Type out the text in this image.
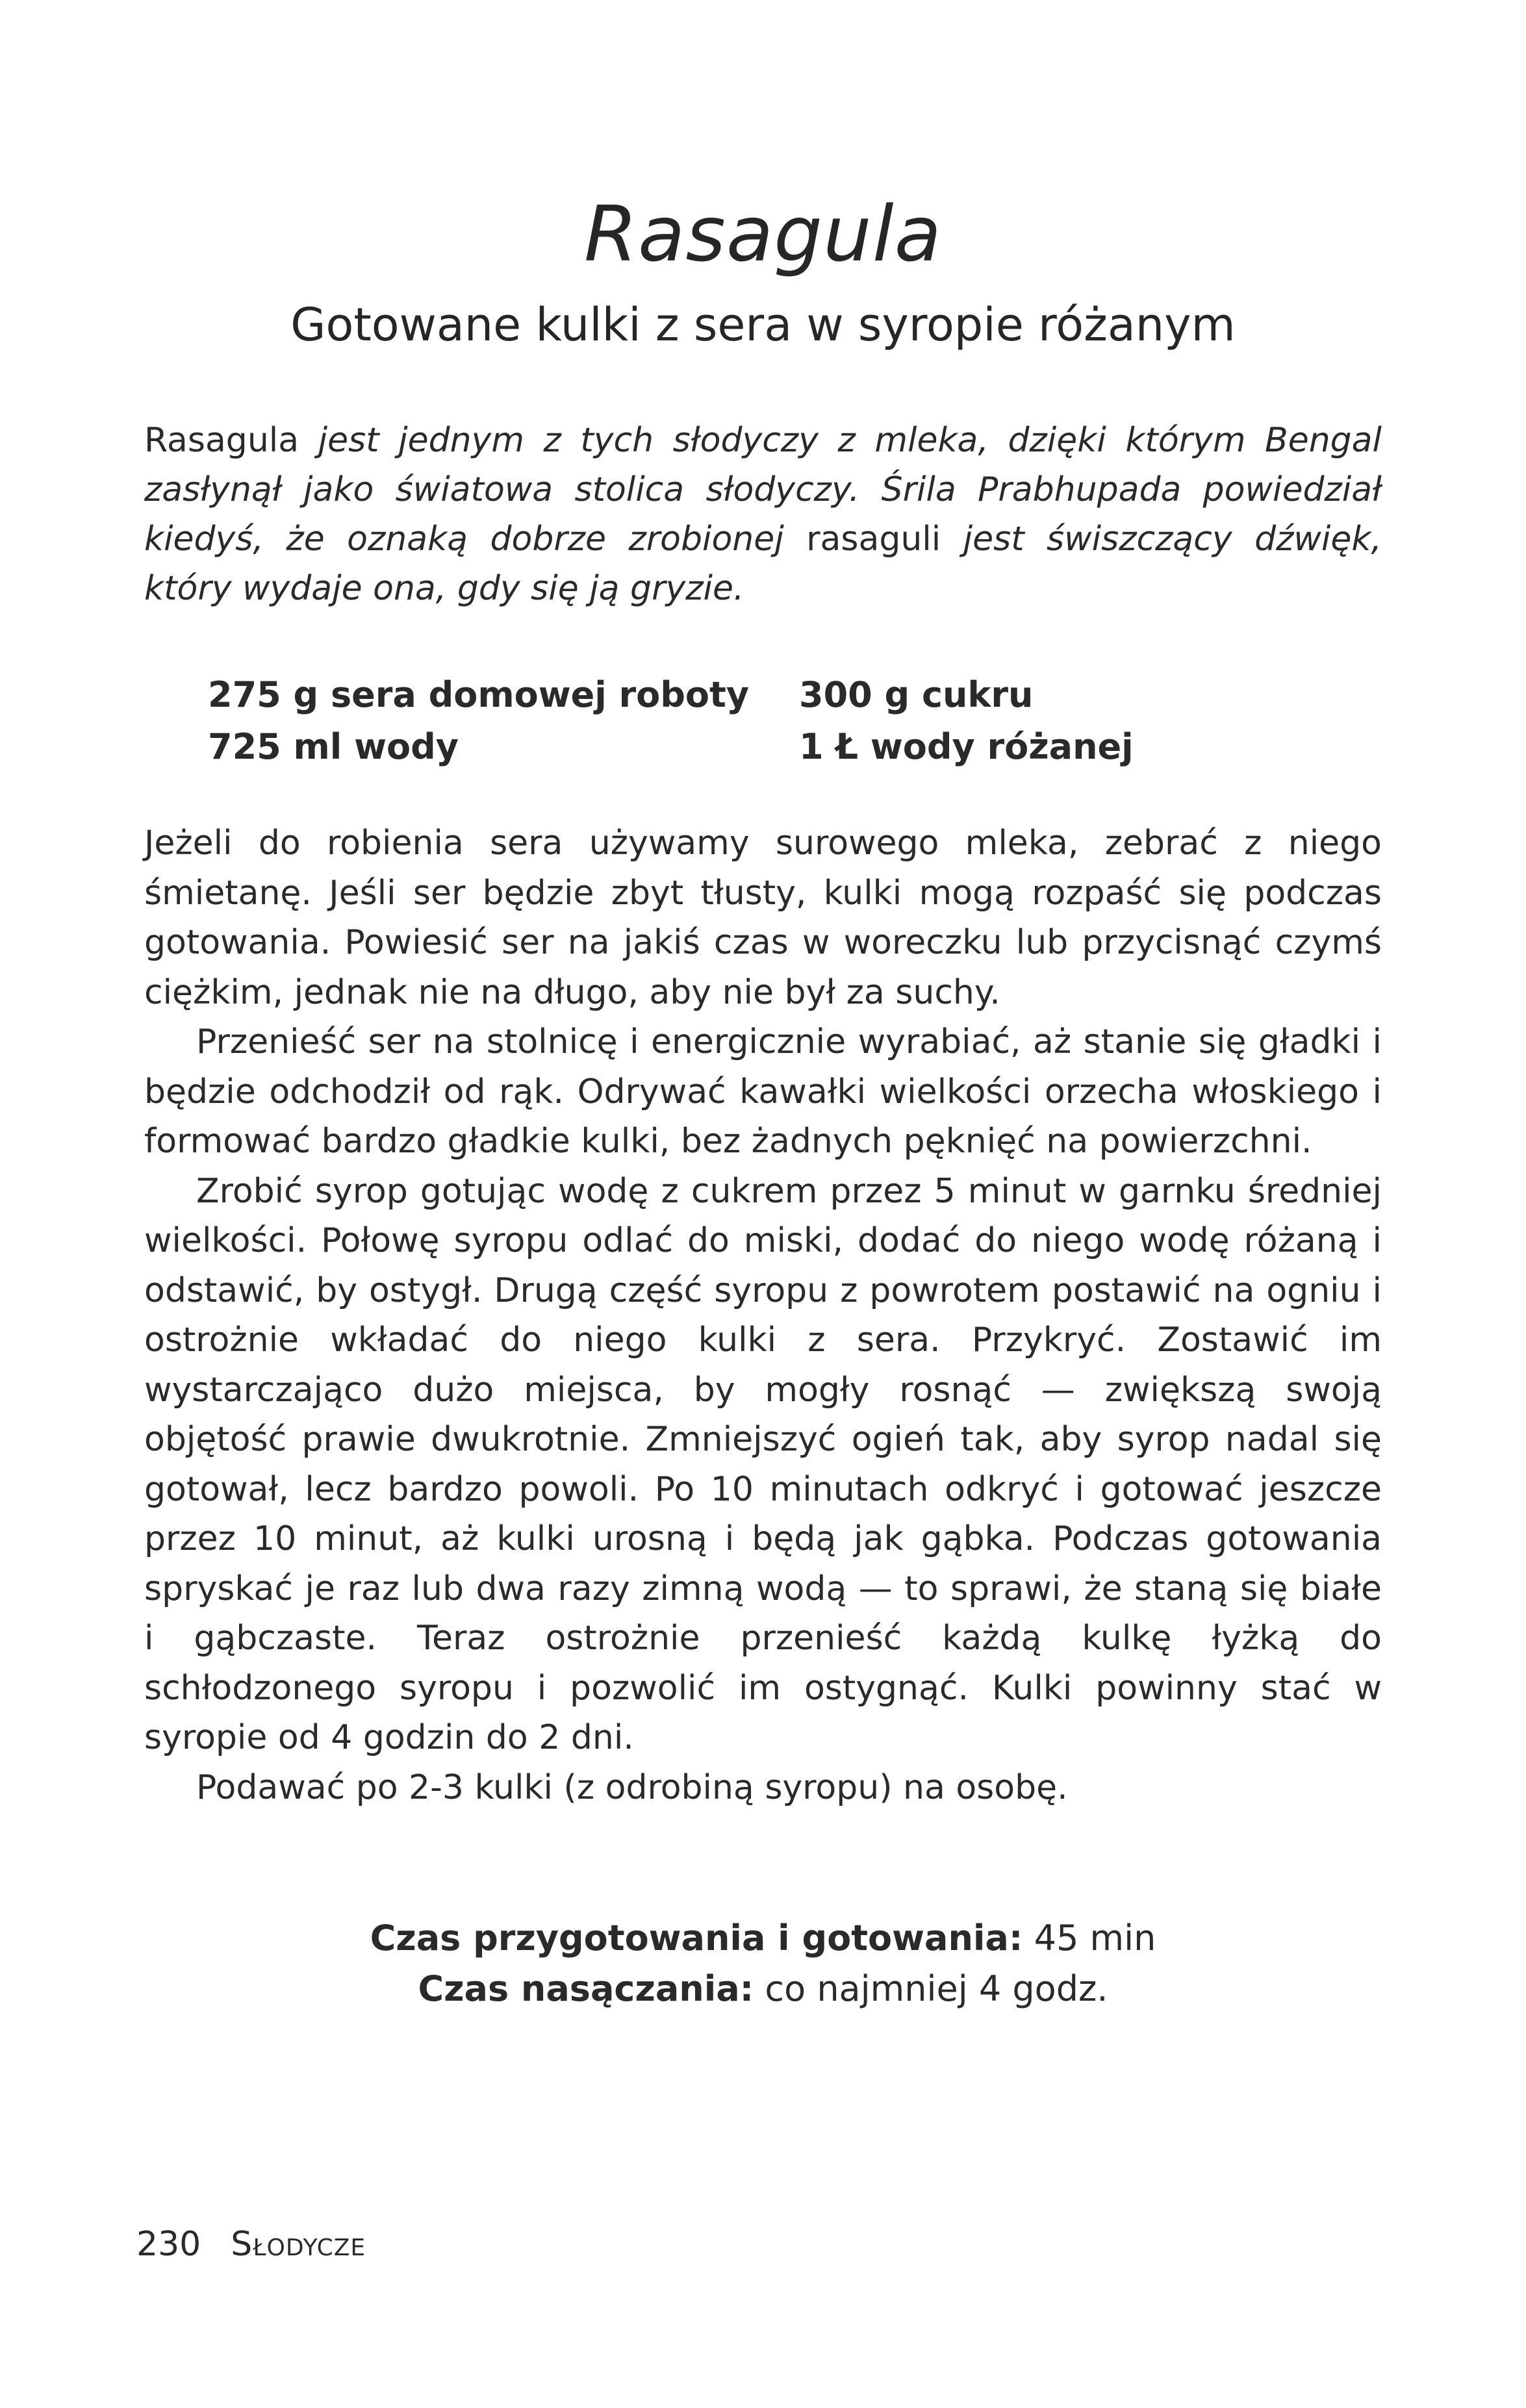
Rasagula
Gotowane kulki z sera w syropie różanym
Rasagula jest jednym z tych słodyczy z mleka, dzięki którym Bengal zasłynął jako światowa stolica słodyczy. Śrila Prabhupada powiedział kiedyś, że oznaką dobrze zrobionej rasaguli jest świszczący dźwięk, który wydaje ona, gdy się ją gryzie.
275 g sera domowej roboty
725 ml wody
300 g cukru
1 Ł wody różanej

Jeżeli do robienia sera używamy surowego mleka, zebrać z niego śmietanę. Jeśli ser będzie zbyt tłusty, kulki mogą rozpaść się podczas gotowania. Powiesić ser na jakiś czas w woreczku lub przycisnąć czymś ciężkim, jednak nie na długo, aby nie był za suchy.

Przenieść ser na stolnicę i energicznie wyrabiać, aż stanie się gładki i będzie odchodził od rąk. Odrywać kawałki wielkości orzecha włoskiego i formować bardzo gładkie kulki, bez żadnych pęknięć na powierzchni.

Zrobić syrop gotując wodę z cukrem przez 5 minut w garnku średniej wielkości. Połowę syropu odlać do miski, dodać do niego wodę różaną i odstawić, by ostygł. Drugą część syropu z powrotem postawić na ogniu i ostrożnie wkładać do niego kulki z sera. Przykryć. Zostawić im wystarczająco dużo miejsca, by mogły rosnąć — zwiększą swoją objętość prawie dwukrotnie. Zmniejszyć ogień tak, aby syrop nadal się gotował, lecz bardzo powoli. Po 10 minutach odkryć i gotować jeszcze przez 10 minut, aż kulki urosną i będą jak gąbka. Podczas gotowania spryskać je raz lub dwa razy zimną wodą — to sprawi, że staną się białe i gąbczaste. Teraz ostrożnie przenieść każdą kulkę łyżką do schłodzonego syropu i pozwolić im ostygnąć. Kulki powinny stać w syropie od 4 godzin do 2 dni.

Podawać po 2-3 kulki (z odrobiną syropu) na osobę.

Czas przygotowania i gotowania: 45 min
Czas nasączania: co najmniej 4 godz.
230 Słodycze
